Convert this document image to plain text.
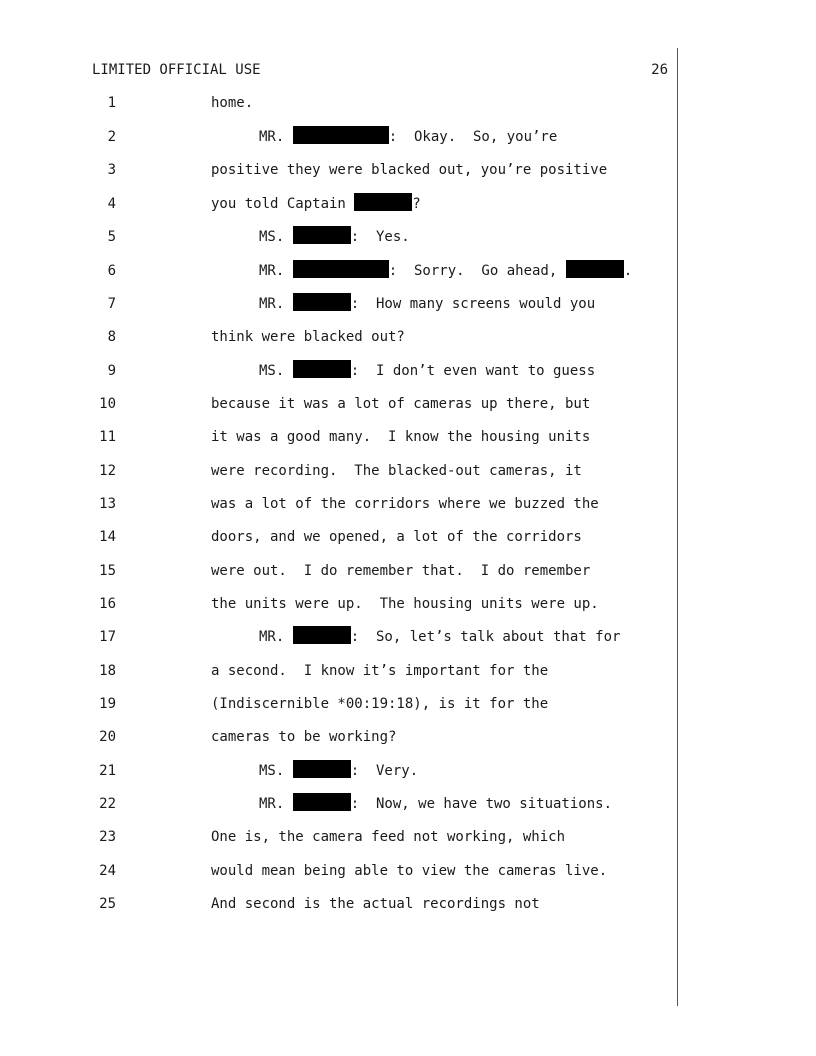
LIMITED OFFICIAL USE	26
1	home.
2	MR.	:  Okay.  So, you’re
3	positive they were blacked out, you’re positive
4	you told Captain	?
5	MS.	:  Yes.
6	MR.	:  Sorry.  Go ahead,	.
7	MR.	:  How many screens would you
8	think were blacked out?
9	MS.	:  I don’t even want to guess
10	because it was a lot of cameras up there, but
11	it was a good many.  I know the housing units
12	were recording.  The blacked-out cameras, it
13	was a lot of the corridors where we buzzed the
14	doors, and we opened, a lot of the corridors
15	were out.  I do remember that.  I do remember
16	the units were up.  The housing units were up.
17	MR.	:  So, let’s talk about that for
18	a second.  I know it’s important for the
19	(Indiscernible *00:19:18), is it for the
20	cameras to be working?
21	MS.	:  Very.
22	MR.	:  Now, we have two situations.
23	One is, the camera feed not working, which
24	would mean being able to view the cameras live.
25	And second is the actual recordings not
